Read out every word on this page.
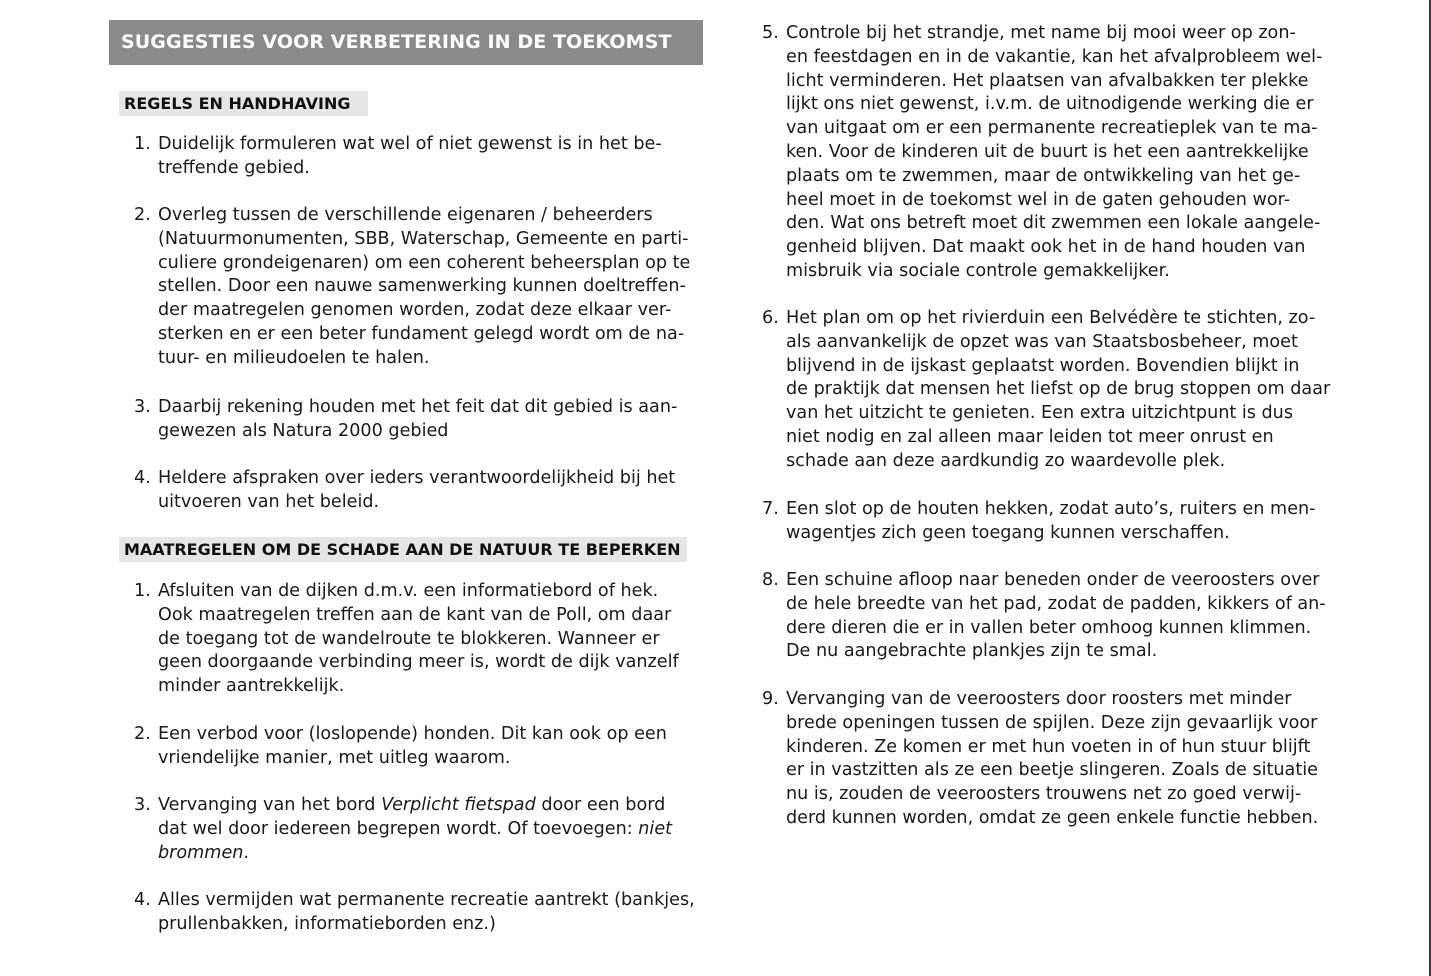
SUGGESTIES VOOR VERBETERING IN DE TOEKOMST
REGELS EN HANDHAVING
1. Duidelijk formuleren wat wel of niet gewenst is in het be-
treffende gebied.
2. Overleg tussen de verschillende eigenaren / beheerders
(Natuurmonumenten, SBB, Waterschap, Gemeente en parti-
culiere grondeigenaren) om een coherent beheersplan op te
stellen. Door een nauwe samenwerking kunnen doeltreffen-
der maatregelen genomen worden, zodat deze elkaar ver-
sterken en er een beter fundament gelegd wordt om de na-
tuur- en milieudoelen te halen.
3. Daarbij rekening houden met het feit dat dit gebied is aan-
gewezen als Natura 2000 gebied
4. Heldere afspraken over ieders verantwoordelijkheid bij het
uitvoeren van het beleid.
MAATREGELEN OM DE SCHADE AAN DE NATUUR TE BEPERKEN
1. Afsluiten van de dijken d.m.v. een informatiebord of hek.
Ook maatregelen treffen aan de kant van de Poll, om daar
de toegang tot de wandelroute te blokkeren. Wanneer er
geen doorgaande verbinding meer is, wordt de dijk vanzelf
minder aantrekkelijk.
2. Een verbod voor (loslopende) honden. Dit kan ook op een
vriendelijke manier, met uitleg waarom.
3. Vervanging van het bord Verplicht fietspad door een bord
dat wel door iedereen begrepen wordt. Of toevoegen: niet
brommen.
4. Alles vermijden wat permanente recreatie aantrekt (bankjes,
prullenbakken, informatieborden enz.)
5. Controle bij het strandje, met name bij mooi weer op zon-
en feestdagen en in de vakantie, kan het afvalprobleem wel-
licht verminderen. Het plaatsen van afvalbakken ter plekke
lijkt ons niet gewenst, i.v.m. de uitnodigende werking die er
van uitgaat om er een permanente recreatieplek van te ma-
ken. Voor de kinderen uit de buurt is het een aantrekkelijke
plaats om te zwemmen, maar de ontwikkeling van het ge-
heel moet in de toekomst wel in de gaten gehouden wor-
den. Wat ons betreft moet dit zwemmen een lokale aangele-
genheid blijven. Dat maakt ook het in de hand houden van
misbruik via sociale controle gemakkelijker.
6. Het plan om op het rivierduin een Belvédère te stichten, zo-
als aanvankelijk de opzet was van Staatsbosbeheer, moet
blijvend in de ijskast geplaatst worden. Bovendien blijkt in
de praktijk dat mensen het liefst op de brug stoppen om daar
van het uitzicht te genieten. Een extra uitzichtpunt is dus
niet nodig en zal alleen maar leiden tot meer onrust en
schade aan deze aardkundig zo waardevolle plek.
7. Een slot op de houten hekken, zodat auto’s, ruiters en men-
wagentjes zich geen toegang kunnen verschaffen.
8. Een schuine afloop naar beneden onder de veeroosters over
de hele breedte van het pad, zodat de padden, kikkers of an-
dere dieren die er in vallen beter omhoog kunnen klimmen.
De nu aangebrachte plankjes zijn te smal.
9. Vervanging van de veeroosters door roosters met minder
brede openingen tussen de spijlen. Deze zijn gevaarlijk voor
kinderen. Ze komen er met hun voeten in of hun stuur blijft
er in vastzitten als ze een beetje slingeren. Zoals de situatie
nu is, zouden de veeroosters trouwens net zo goed verwij-
derd kunnen worden, omdat ze geen enkele functie hebben.
